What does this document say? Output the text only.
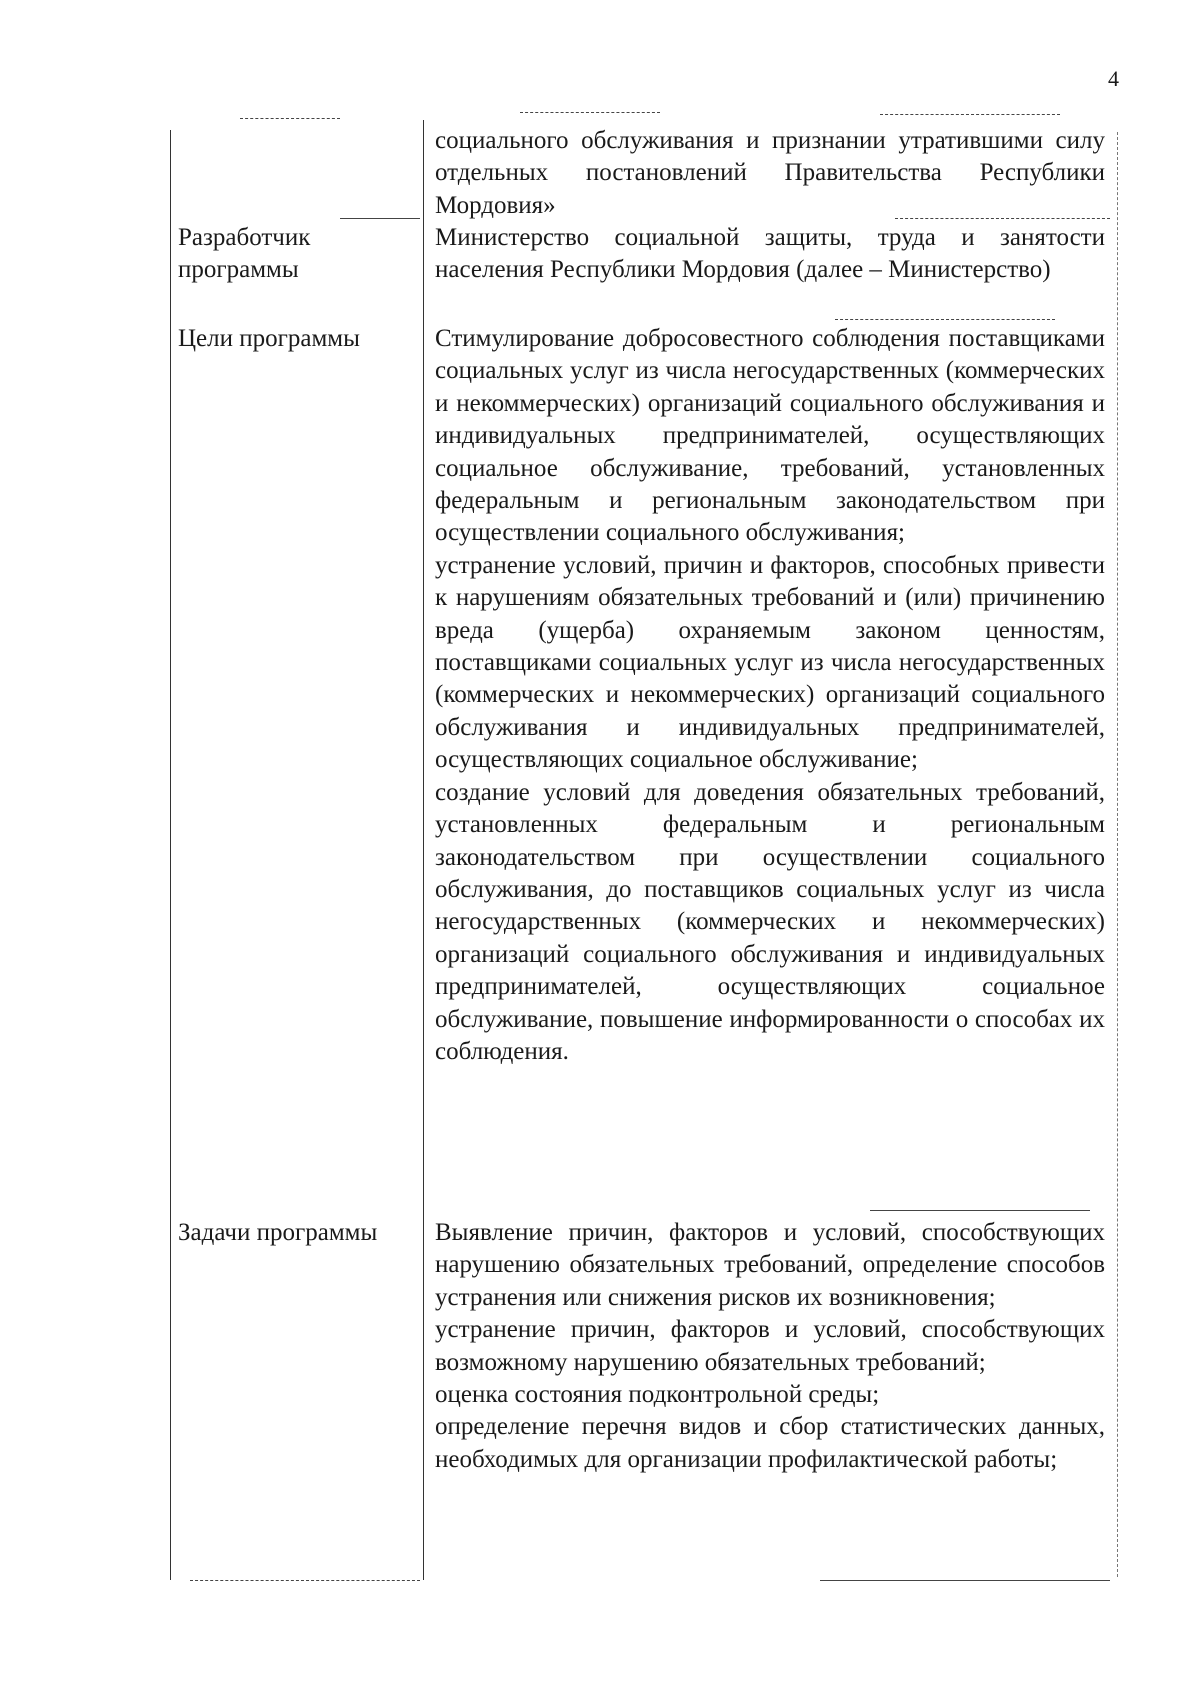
4

социального обслуживания и признании утратившими силу отдельных постановлений Правительства Республики Мордовия»

Разработчик программы

Министерство социальной защиты, труда и занятости населения Республики Мордовия (далее – Министерство)

Цели программы	Стимулирование добросовестного соблюдения поставщиками социальных услуг из числа негосударственных (коммерческих и некоммерческих) организаций социального обслуживания и индивидуальных предпринимателей, осуществляющих социальное обслуживание, требований, установленных федеральным и региональным законодательством при осуществлении социального обслуживания;

устранение условий, причин и факторов, способных привести к нарушениям обязательных требований и (или) причинению вреда (ущерба) охраняемым законом ценностям, поставщиками социальных услуг из числа негосударственных (коммерческих и некоммерческих) организаций социального обслуживания и индивидуальных предпринимателей, осуществляющих социальное обслуживание;

создание условий для доведения обязательных требований, установленных федеральным и региональным законодательством при осуществлении социального обслуживания, до поставщиков социальных услуг из числа негосударственных (коммерческих и некоммерческих) организаций социального обслуживания и индивидуальных предпринимателей, осуществляющих социальное обслуживание, повышение информированности о способах их соблюдения.

Задачи программы	Выявление причин, факторов и условий, способствующих нарушению обязательных требований, определение способов устранения или снижения рисков их возникновения;

устранение причин, факторов и условий, способствующих возможному нарушению обязательных требований;

оценка состояния подконтрольной среды;

определение перечня видов и сбор статистических данных, необходимых для организации профилактической работы;
